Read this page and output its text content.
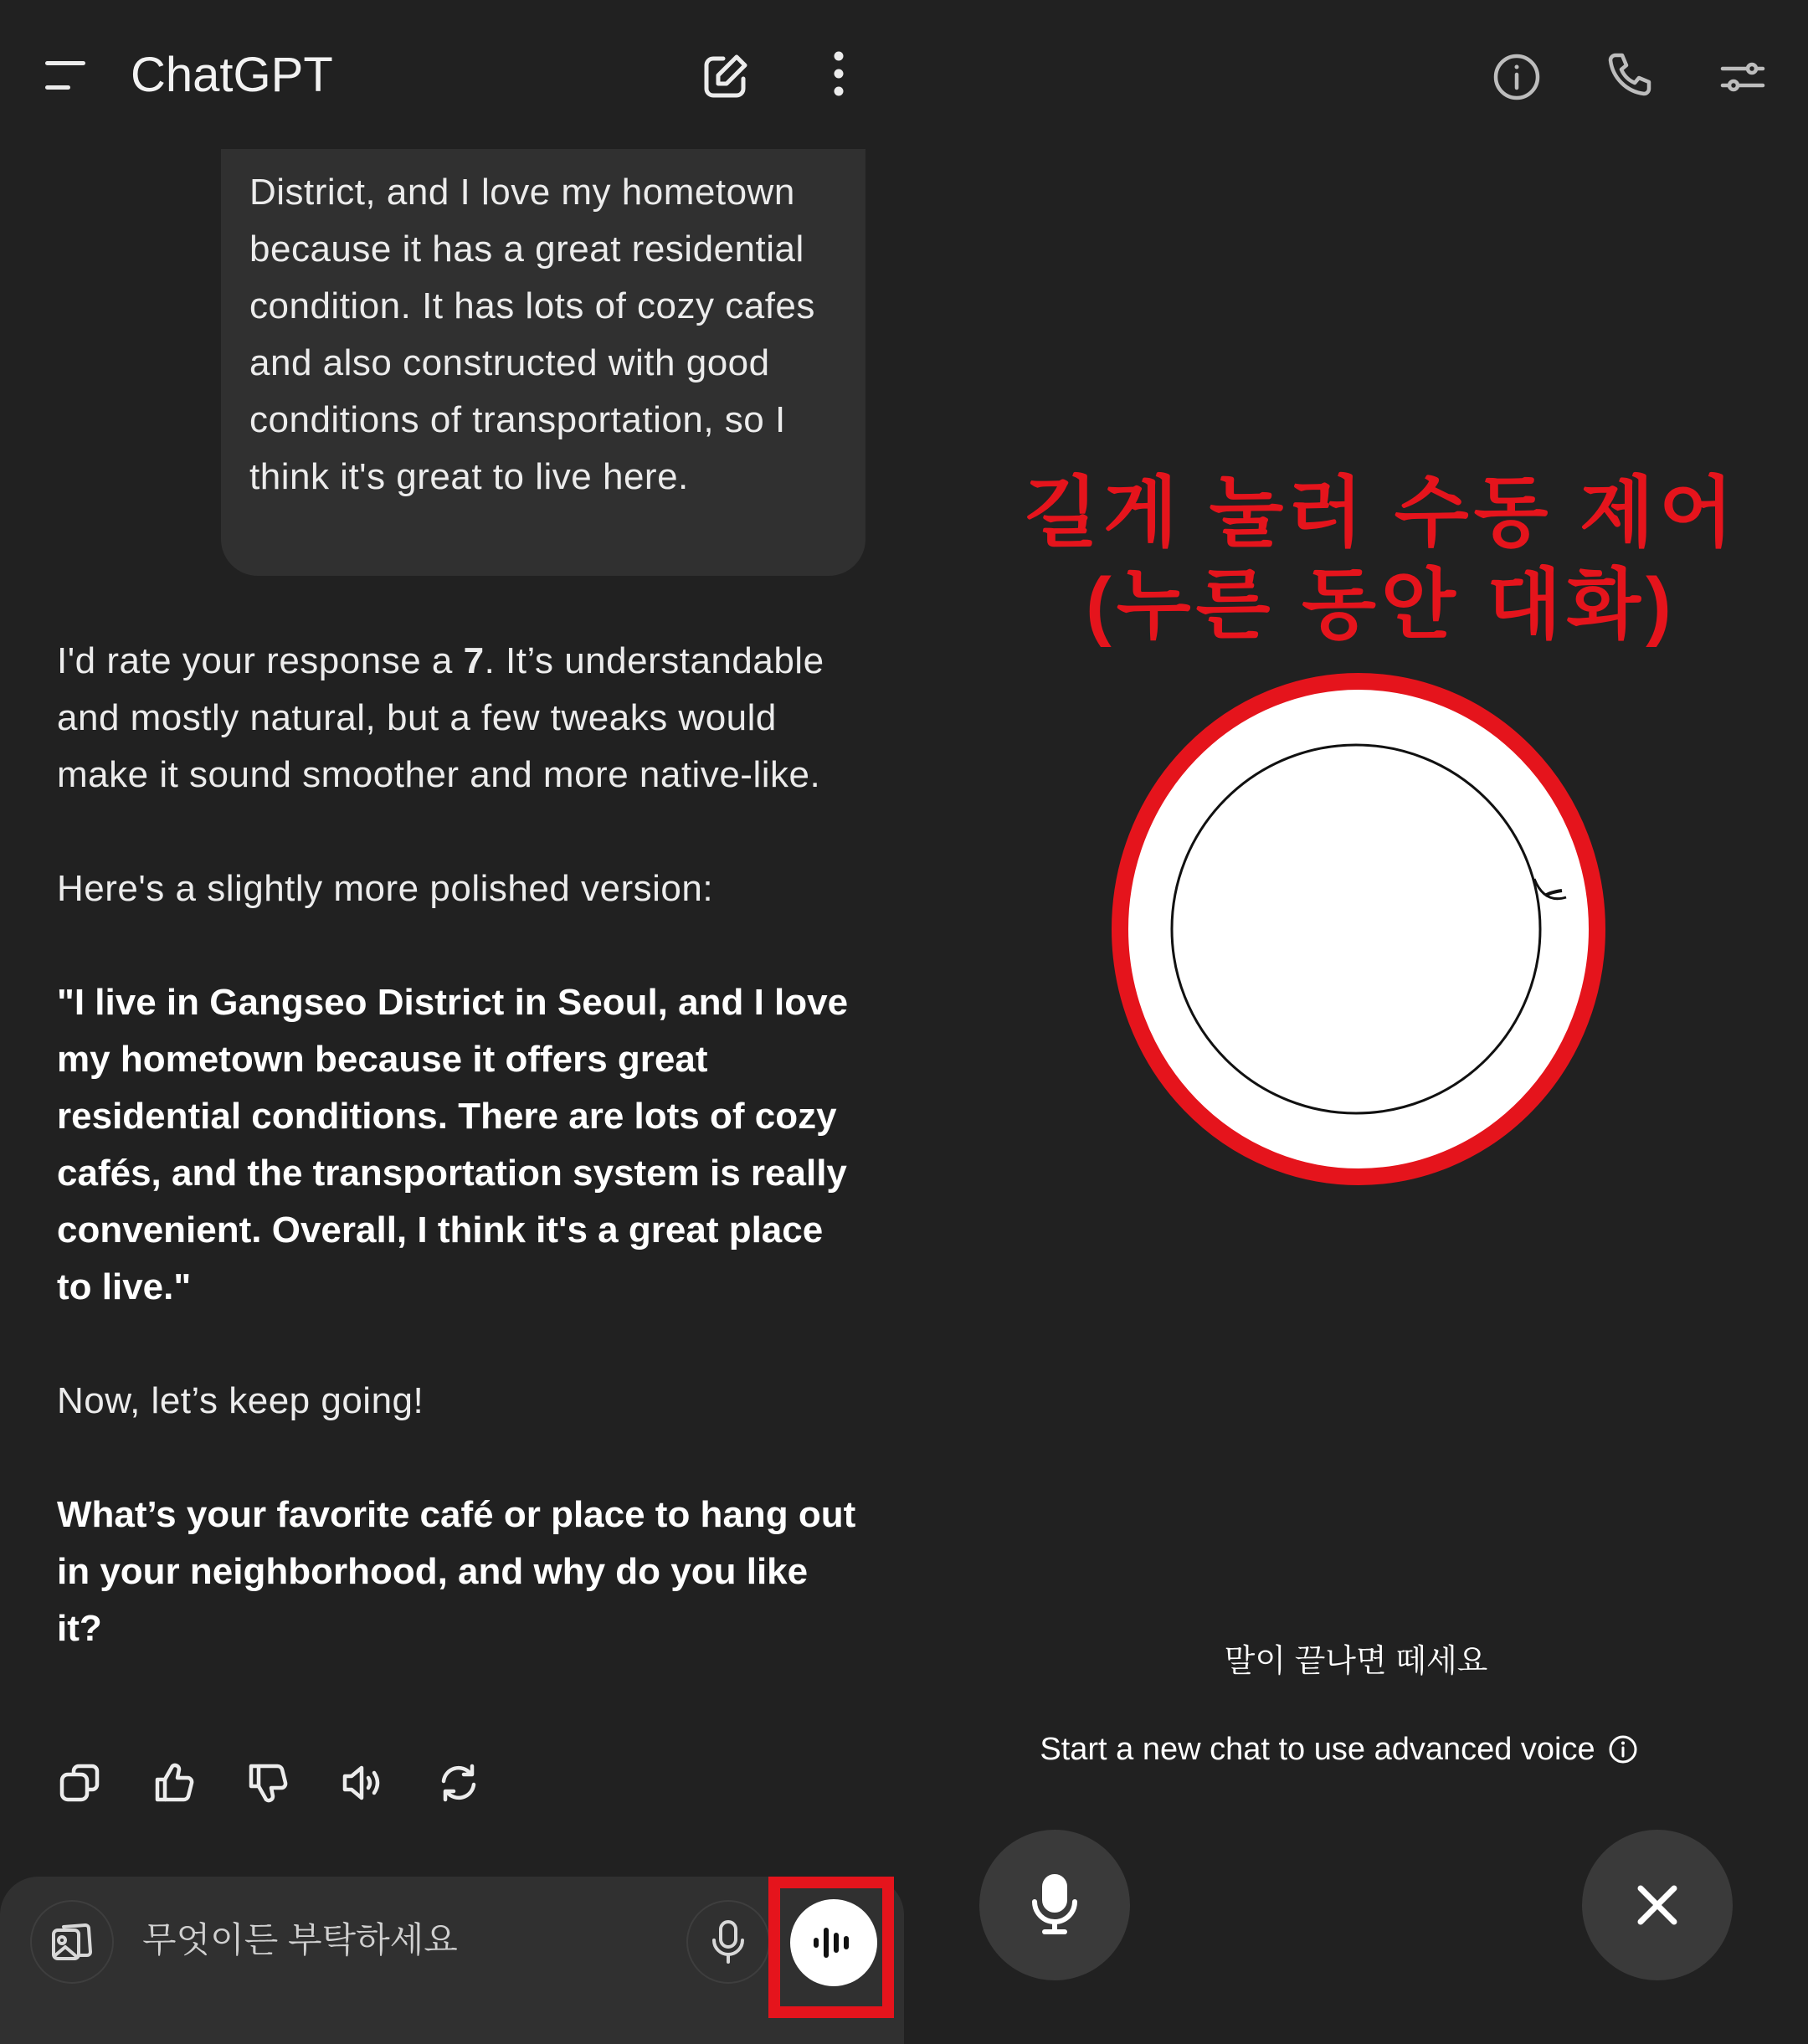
ChatGPT
District, and I love my hometown because it has a great residential condition. It has lots of cozy cafes and also constructed with good conditions of transportation, so I think it's great to live here.
I'd rate your response a 7. It’s understandable and mostly natural, but a few tweaks would make it sound smoother and more native-like.
Here's a slightly more polished version:
"I live in Gangseo District in Seoul, and I love my hometown because it offers great residential conditions. There are lots of cozy cafés, and the transportation system is really convenient. Overall, I think it's a great place to live."
Now, let’s keep going!
What’s your favorite café or place to hang out in your neighborhood, and why do you like it?
무엇이든 부탁하세요
길게 눌러 수동 제어
(누른 동안 대화)
말이 끝나면 떼세요
Start a new chat to use advanced voice
